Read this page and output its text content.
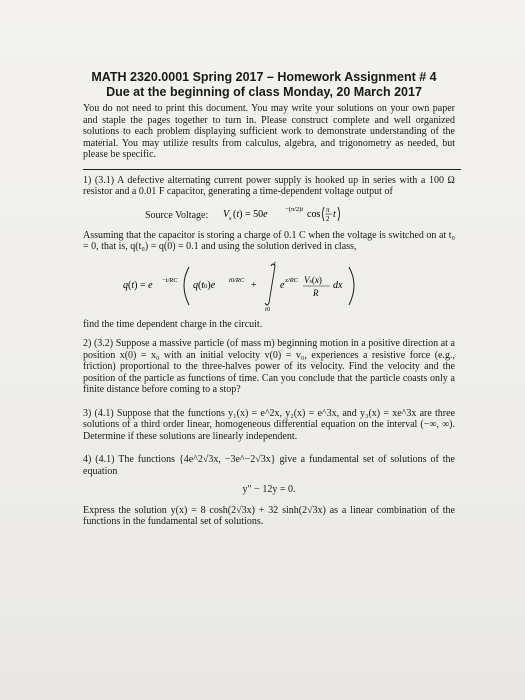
MATH 2320.0001 Spring 2017 – Homework Assignment # 4
Due at the beginning of class Monday, 20 March 2017
You do not need to print this document. You may write your solutions on your own paper and staple the pages together to turn in. Please construct complete and well organized solutions to each problem displaying sufficient work to demonstrate understanding of the material. You may utilize results from calculus, algebra, and trigonometry as needed, but please be specific.
1) (3.1) A defective alternating current power supply is hooked up in series with a 100 Ω resistor and a 0.01 F capacitor, generating a time-dependent voltage output of
Source Voltage: V s (t) = 50e	−(π/2)t cos π
2 t
Assuming that the capacitor is storing a charge of 0.1 C when the voltage is switched on at t₀ = 0, that is, q(t₀) = q(0) = 0.1 and using the solution derived in class,
q(t) = e −t/RC q(t0)e t0/RC +
t
t0
e x/RC Vs(x)
R
dx
find the time dependent charge in the circuit.
2) (3.2) Suppose a massive particle (of mass m) beginning motion in a positive direction at a position x(0) = x₀ with an initial velocity v(0) = v₀, experiences a resistive force (e.g., friction) proportional to the three-halves power of its velocity. Find the velocity and the position of the particle as functions of time. Can you conclude that the particle coasts only a finite distance before coming to a stop?
3) (4.1) Suppose that the functions y₁(x) = e^2x, y₂(x) = e^3x, and y₃(x) = xe^3x are three solutions of a third order linear, homogeneous differential equation on the interval (−∞, ∞). Determine if these solutions are linearly independent.
4) (4.1) The functions {4e^2√3x, −3e^−2√3x} give a fundamental set of solutions of the equation
y″ − 12y = 0.
Express the solution y(x) = 8 cosh(2√3x) + 32 sinh(2√3x) as a linear combination of the functions in the fundamental set of solutions.
